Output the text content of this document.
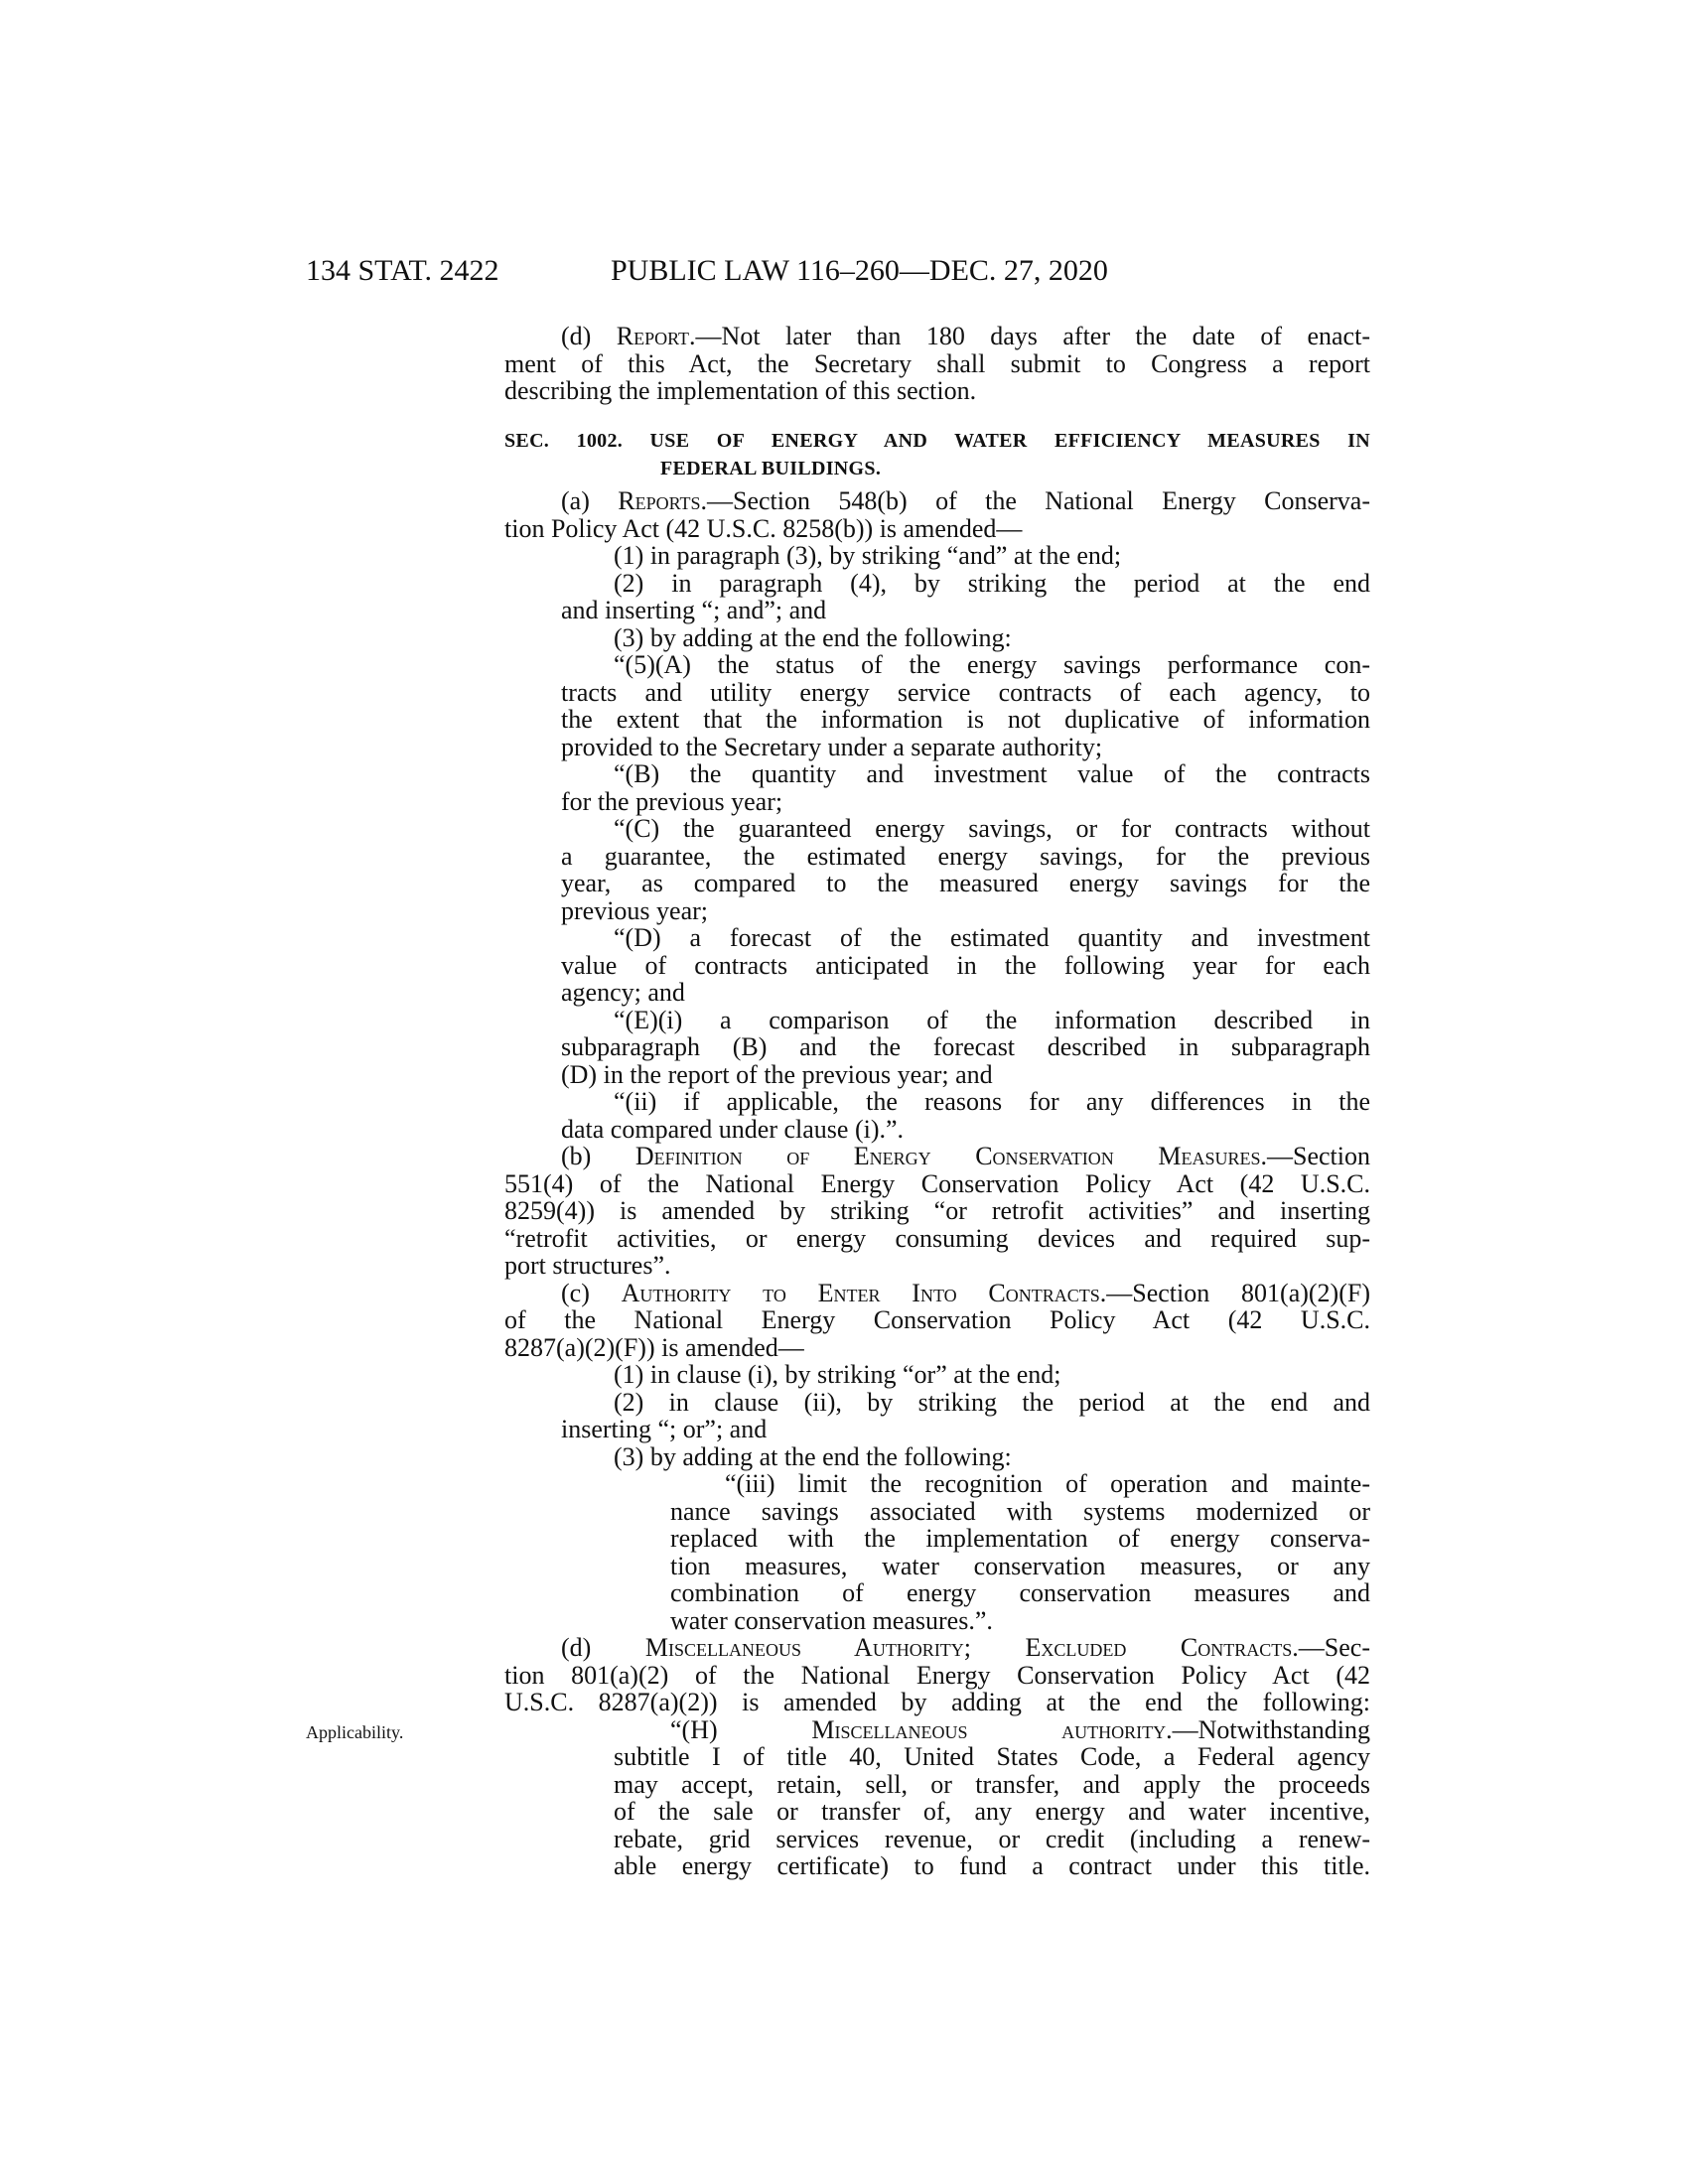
134 STAT. 2422	PUBLIC LAW 116–260—DEC. 27, 2020
Applicability.
(d) Report.—Not later than 180 days after the date of enact-
ment of this Act, the Secretary shall submit to Congress a report
describing the implementation of this section.
SEC. 1002. USE OF ENERGY AND WATER EFFICIENCY MEASURES IN
FEDERAL BUILDINGS.
(a) Reports.—Section 548(b) of the National Energy Conserva-
tion Policy Act (42 U.S.C. 8258(b)) is amended—
(1) in paragraph (3), by striking “and” at the end;
(2) in paragraph (4), by striking the period at the end
and inserting “; and”; and
(3) by adding at the end the following:
“(5)(A) the status of the energy savings performance con-
tracts and utility energy service contracts of each agency, to
the extent that the information is not duplicative of information
provided to the Secretary under a separate authority;
“(B) the quantity and investment value of the contracts
for the previous year;
“(C) the guaranteed energy savings, or for contracts without
a guarantee, the estimated energy savings, for the previous
year, as compared to the measured energy savings for the
previous year;
“(D) a forecast of the estimated quantity and investment
value of contracts anticipated in the following year for each
agency; and
“(E)(i) a comparison of the information described in
subparagraph (B) and the forecast described in subparagraph
(D) in the report of the previous year; and
“(ii) if applicable, the reasons for any differences in the
data compared under clause (i).”.
(b) Definition of Energy Conservation Measures.—Section
551(4) of the National Energy Conservation Policy Act (42 U.S.C.
8259(4)) is amended by striking “or retrofit activities” and inserting
“retrofit activities, or energy consuming devices and required sup-
port structures”.
(c) Authority to Enter Into Contracts.—Section 801(a)(2)(F)
of the National Energy Conservation Policy Act (42 U.S.C.
8287(a)(2)(F)) is amended—
(1) in clause (i), by striking “or” at the end;
(2) in clause (ii), by striking the period at the end and
inserting “; or”; and
(3) by adding at the end the following:
“(iii) limit the recognition of operation and mainte-
nance savings associated with systems modernized or
replaced with the implementation of energy conserva-
tion measures, water conservation measures, or any
combination of energy conservation measures and
water conservation measures.”.
(d) Miscellaneous Authority; Excluded Contracts.—Sec-
tion 801(a)(2) of the National Energy Conservation Policy Act (42
U.S.C. 8287(a)(2)) is amended by adding at the end the following:
“(H) Miscellaneous authority.—Notwithstanding
subtitle I of title 40, United States Code, a Federal agency
may accept, retain, sell, or transfer, and apply the proceeds
of the sale or transfer of, any energy and water incentive,
rebate, grid services revenue, or credit (including a renew-
able energy certificate) to fund a contract under this title.
